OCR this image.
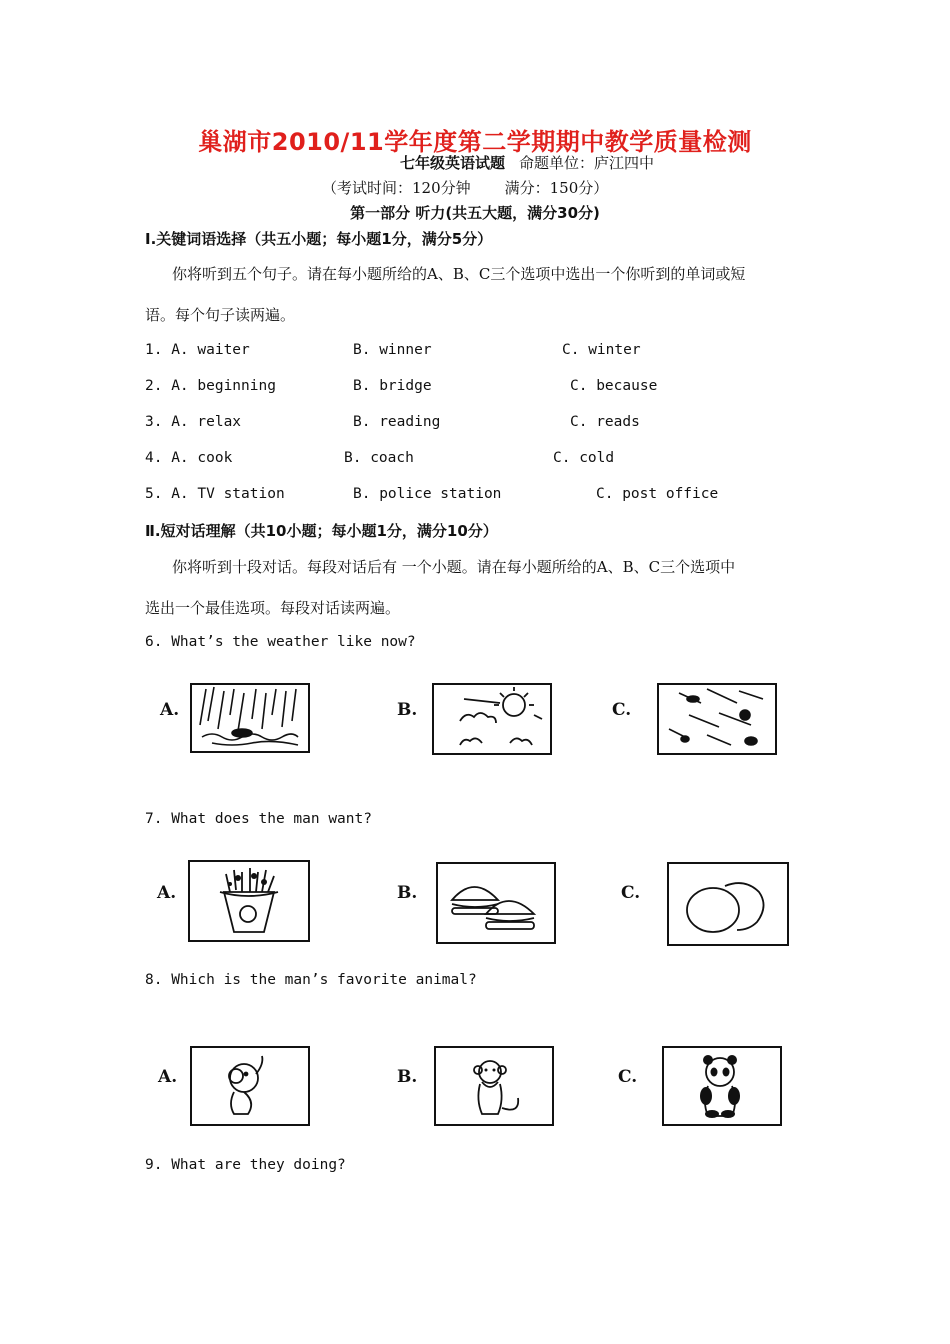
巢湖市2010/11学年度第二学期期中教学质量检测
七年级英语试题 命题单位：庐江四中
（考试时间：120分钟 满分：150分）
第一部分 听力(共五大题，满分30分)
Ⅰ.关键词语选择（共五小题；每小题1分，满分5分）
你将听到五个句子。请在每小题所给的A、B、C三个选项中选出一个你听到的单词或短
语。每个句子读两遍。
1. A. waiter	B. winner	C. winter
2. A. beginning	B. bridge	C. because
3. A. relax	B. reading	C. reads
4. A. cook	B. coach	C. cold
5. A. TV station	B. police station	C. post office
Ⅱ.短对话理解（共10小题；每小题1分，满分10分）
你将听到十段对话。每段对话后有 一个小题。请在每小题所给的A、B、C三个选项中
选出一个最佳选项。每段对话读两遍。
6. What’s the weather like now?
A.	B.	C.
7. What does the man want?
A.	B.	C.
8. Which is the man’s favorite animal?
A.	B.	C.
9. What are they doing?
